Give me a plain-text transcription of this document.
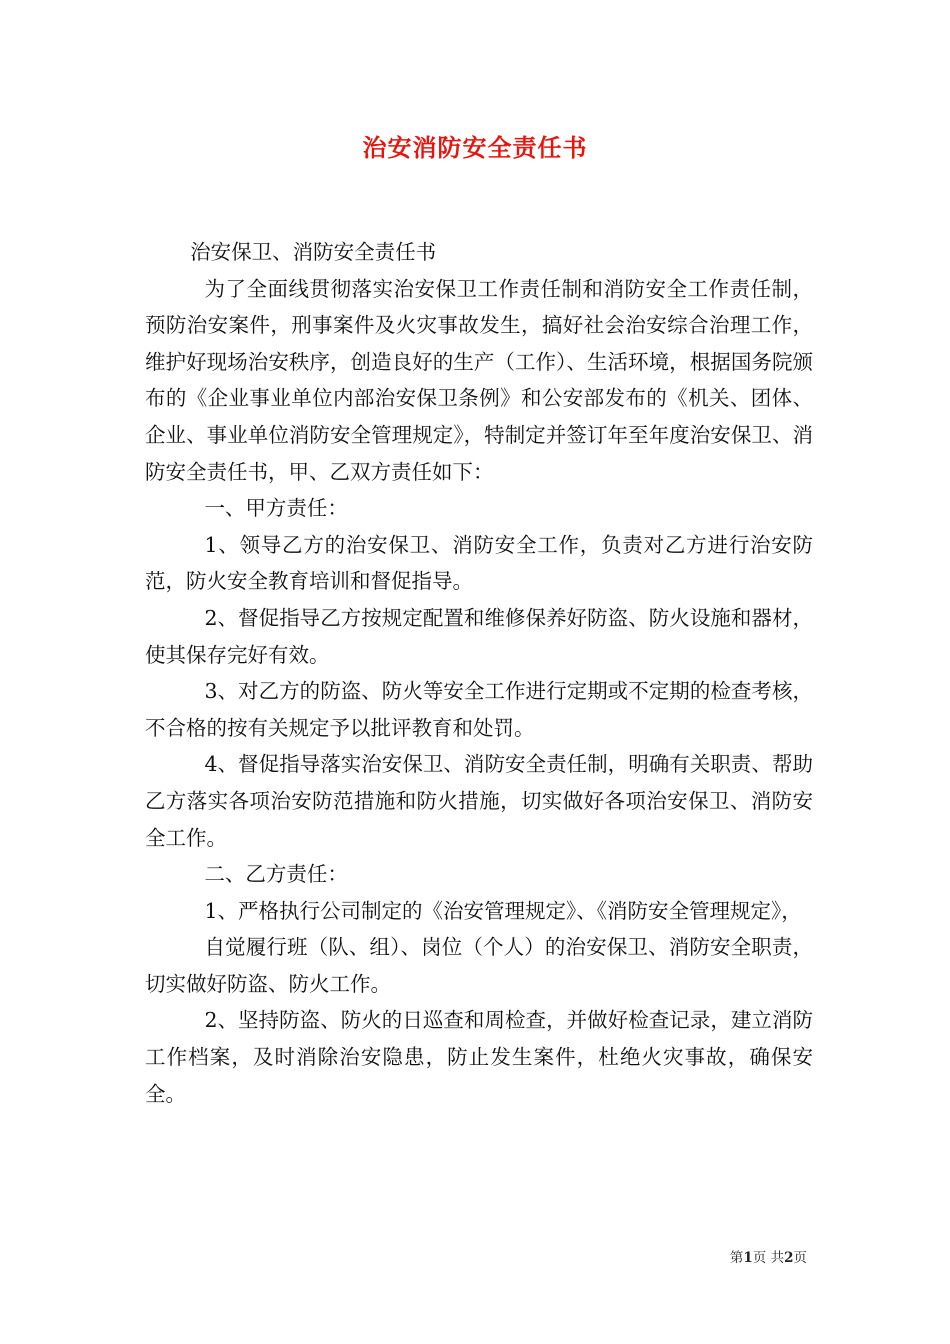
治安消防安全责任书

治安保卫、消防安全责任书

为了全面线贯彻落实治安保卫工作责任制和消防安全工作责任制，预防治安案件，刑事案件及火灾事故发生，搞好社会治安综合治理工作，维护好现场治安秩序，创造良好的生产（工作）、生活环境，根据国务院颁布的《企业事业单位内部治安保卫条例》和公安部发布的《机关、团体、企业、事业单位消防安全管理规定》，特制定并签订年至年度治安保卫、消防安全责任书，甲、乙双方责任如下：

一、甲方责任：

1、领导乙方的治安保卫、消防安全工作，负责对乙方进行治安防范，防火安全教育培训和督促指导。

2、督促指导乙方按规定配置和维修保养好防盗、防火设施和器材，使其保存完好有效。

3、对乙方的防盗、防火等安全工作进行定期或不定期的检查考核，不合格的按有关规定予以批评教育和处罚。

4、督促指导落实治安保卫、消防安全责任制，明确有关职责、帮助乙方落实各项治安防范措施和防火措施，切实做好各项治安保卫、消防安全工作。

二、乙方责任：

1、严格执行公司制定的《治安管理规定》、《消防安全管理规定》，

自觉履行班（队、组）、岗位（个人）的治安保卫、消防安全职责，切实做好防盗、防火工作。

2、坚持防盗、防火的日巡查和周检查，并做好检查记录，建立消防工作档案，及时消除治安隐患，防止发生案件，杜绝火灾事故，确保安全。

第1页 共2页
